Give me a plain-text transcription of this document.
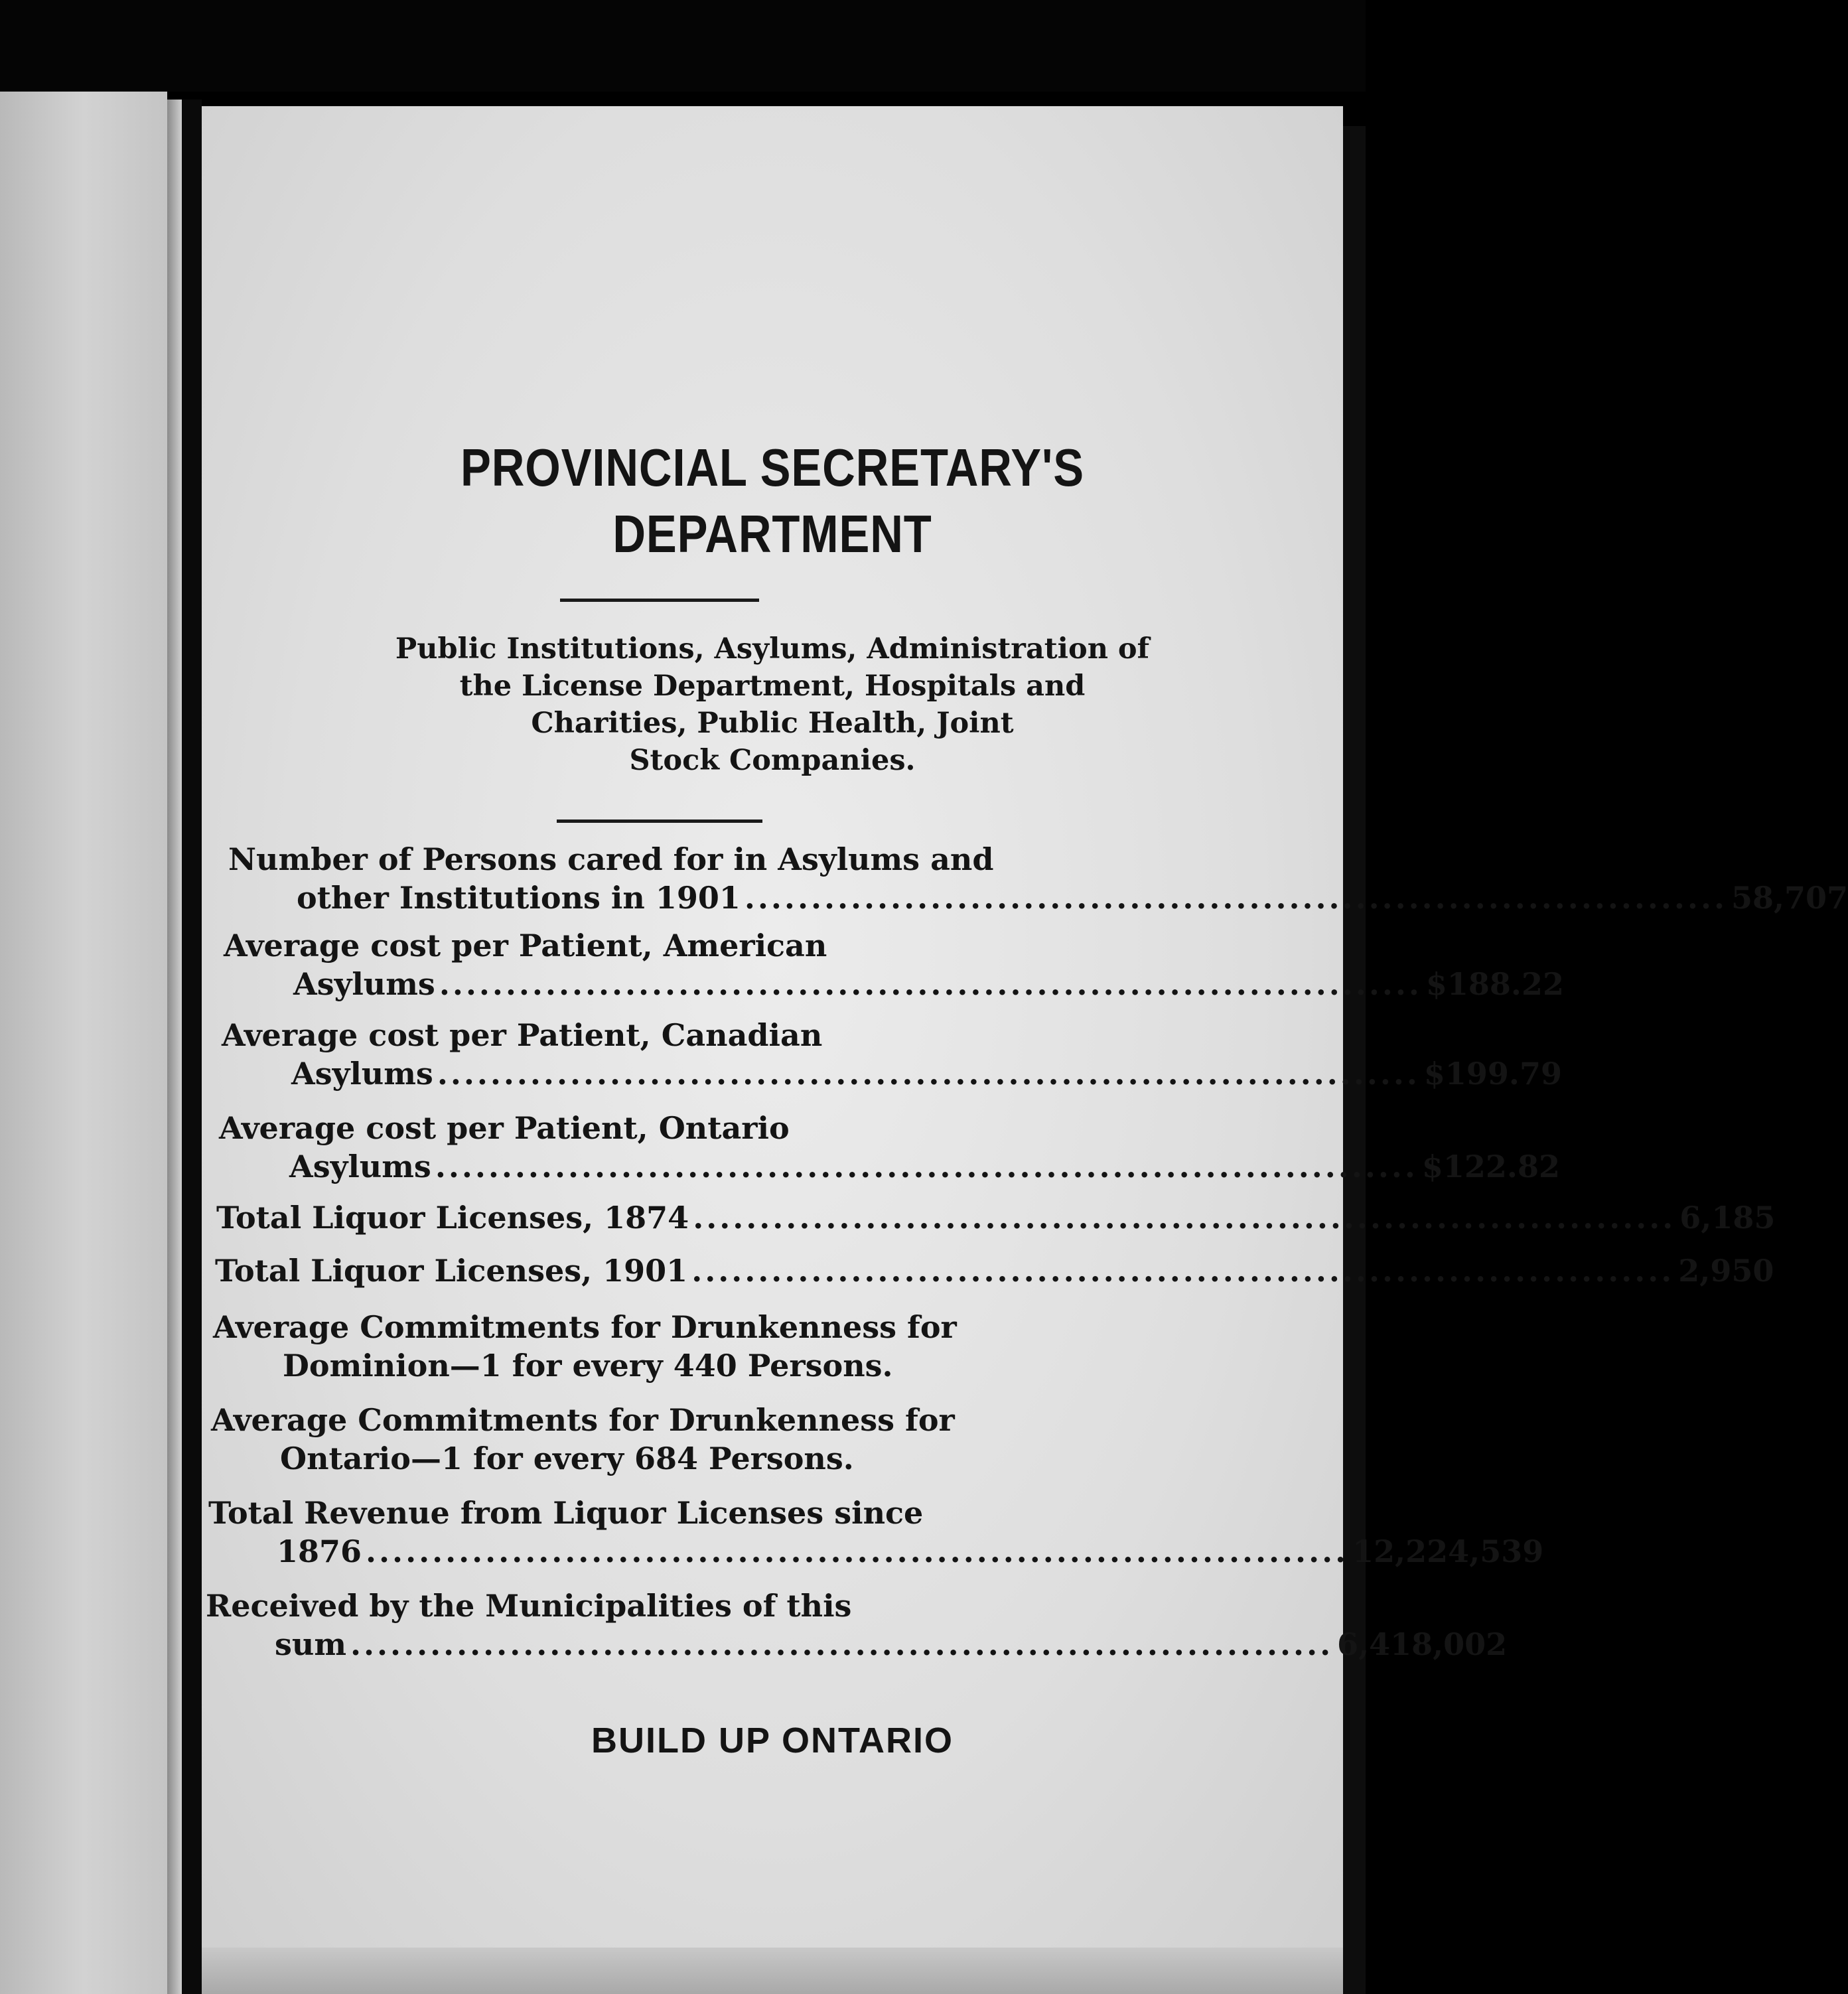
PROVINCIAL SECRETARY'S
DEPARTMENT
Public Institutions, Asylums, Administration of
the License Department, Hospitals and
Charities, Public Health, Joint
Stock Companies.
Number of Persons cared for in Asylums and
other Institutions in 1901 .......................................................................... 58,707
Average cost per Patient, American
Asylums .......................................................................... $188.22
Average cost per Patient, Canadian
Asylums .......................................................................... $199.79
Average cost per Patient, Ontario
Asylums .......................................................................... $122.82
Total Liquor Licenses, 1874 .......................................................................... 6,185
Total Liquor Licenses, 1901 .......................................................................... 2,950
Average Commitments for Drunkenness for
Dominion—1 for every 440 Persons.
Average Commitments for Drunkenness for
Ontario—1 for every 684 Persons.
Total Revenue from Liquor Licenses since
1876 .......................................................................... 12,224,539
Received by the Municipalities of this
sum .......................................................................... 6,418,002
BUILD UP ONTARIO
